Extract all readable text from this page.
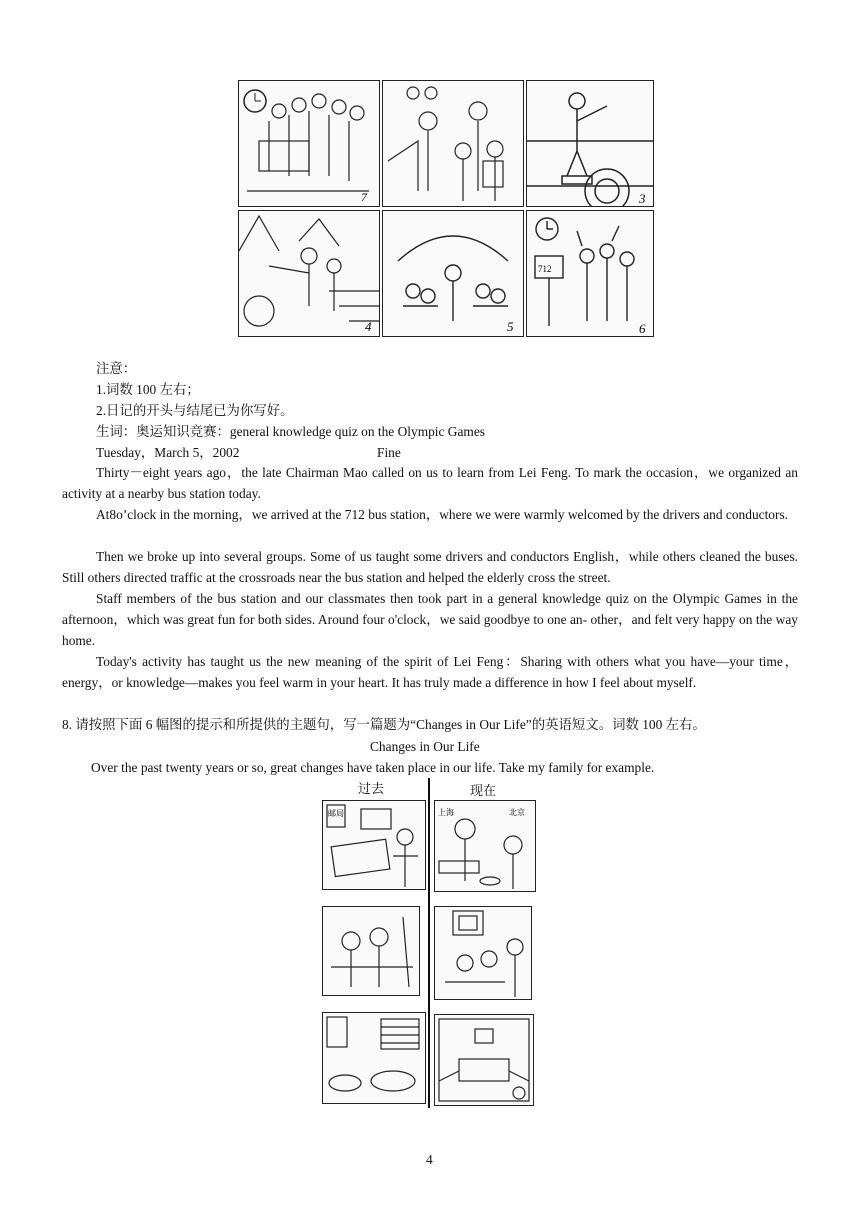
7	3
4	5
712
6
注意：
1.词数 100 左右；
2.日记的开头与结尾已为你写好。
生词：奥运知识竞赛：general knowledge quiz on the Olympic Games
Tuesday，March 5，2002	Fine
Thirty－eight years ago，the late Chairman Mao called on us to learn from Lei Feng. To mark the occasion，we organized an activity at a nearby bus station today.
At8o’clock in the morning，we arrived at the 712 bus station，where we were warmly welcomed by the drivers and conductors.
Then we broke up into several groups. Some of us taught some drivers and conductors English，while others cleaned the buses. Still others directed traffic at the crossroads near the bus station and helped the elderly cross the street.
Staff members of the bus station and our classmates then took part in a general knowledge quiz on the Olympic Games in the afternoon，which was great fun for both sides. Around four o'clock，we said goodbye to one an- other，and felt very happy on the way home.
Today's activity has taught us the new meaning of the spirit of Lei Feng：Sharing with others what you have—your time，energy，or knowledge—makes you feel warm in your heart. It has truly made a difference in how I feel about myself.
8. 请按照下面 6 幅图的提示和所提供的主题句，写一篇题为“Changes in Our Life”的英语短文。词数 100 左右。
Changes in Our Life
Over the past twenty years or so, great changes have taken place in our life. Take my family for example.
过去	现在
邮局	上海	北京
4
